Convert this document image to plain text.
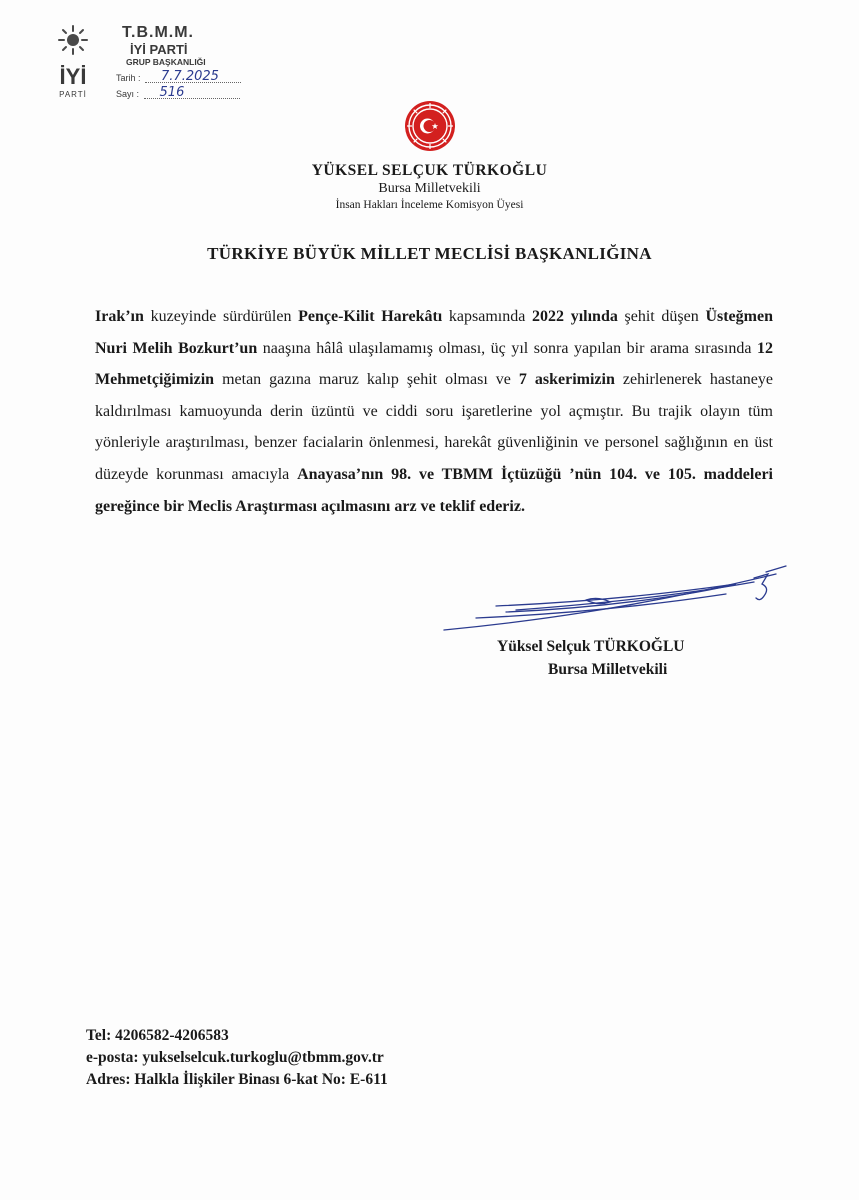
İYİ
PARTİ
T.B.M.M.
İYİ PARTİ
GRUP BAŞKANLIĞI
Tarih : 7.7.2025
Sayı : 516
YÜKSEL SELÇUK TÜRKOĞLU
Bursa Milletvekili
İnsan Hakları İnceleme Komisyon Üyesi
TÜRKİYE BÜYÜK MİLLET MECLİSİ BAŞKANLIĞINA
Irak’ın kuzeyinde sürdürülen Pençe-Kilit Harekâtı kapsamında 2022 yılında şehit düşen Üsteğmen Nuri Melih Bozkurt’un naaşına hâlâ ulaşılamamış olması, üç yıl sonra yapılan bir arama sırasında 12 Mehmetçiğimizin metan gazına maruz kalıp şehit olması ve 7 askerimizin zehirlenerek hastaneye kaldırılması kamuoyunda derin üzüntü ve ciddi soru işaretlerine yol açmıştır. Bu trajik olayın tüm yönleriyle araştırılması, benzer facialarin önlenmesi, harekât güvenliğinin ve personel sağlığının en üst düzeyde korunması amacıyla Anayasa’nın 98. ve TBMM İçtüzüğü ’nün 104. ve 105. maddeleri gereğince bir Meclis Araştırması açılmasını arz ve teklif ederiz.
Yüksel Selçuk TÜRKOĞLU
Bursa Milletvekili
Tel: 4206582-4206583
e-posta: yukselselcuk.turkoglu@tbmm.gov.tr
Adres: Halkla İlişkiler Binası 6-kat No: E-611
